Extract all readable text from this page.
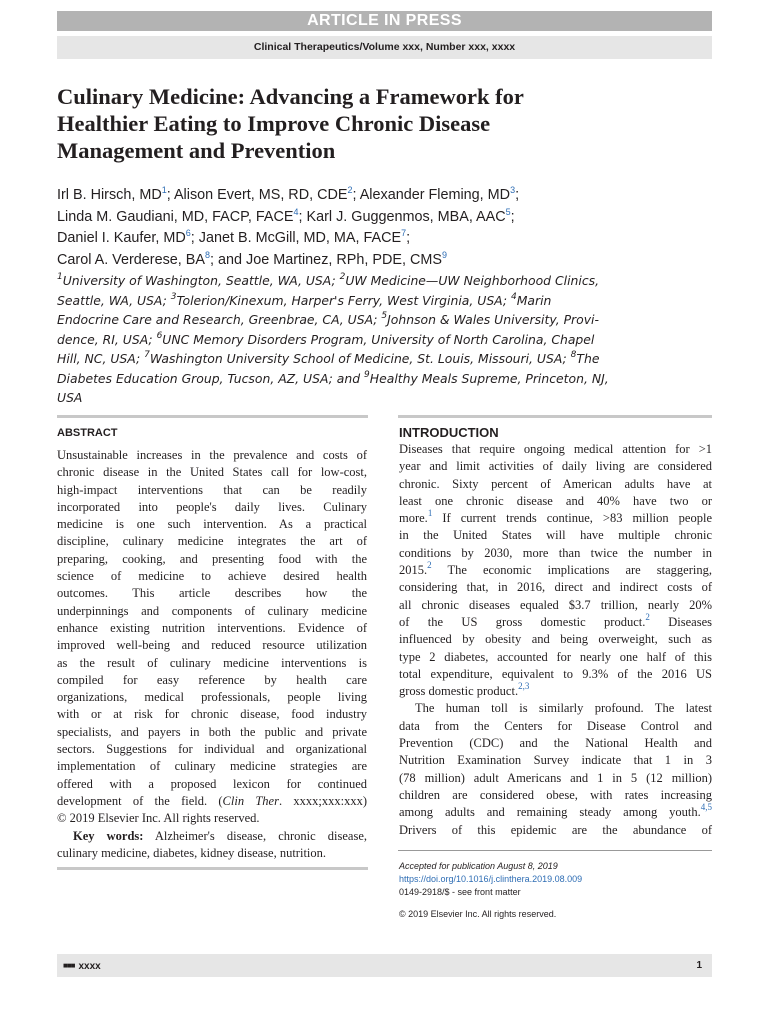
ARTICLE IN PRESS
Clinical Therapeutics/Volume xxx, Number xxx, xxxx
Culinary Medicine: Advancing a Framework for
Healthier Eating to Improve Chronic Disease
Management and Prevention
Irl B. Hirsch, $MD^1$; Alison Evert, MS, RD, CDE$^2$; Alexander Fleming, $MD^3$;
Linda M. Gaudiani, MD, FACP, FACE$^4$; Karl J. Guggenmos, MBA, AAC$^5$;
Daniel I. Kaufer, $MD^6$; Janet B. McGill, MD, MA, FACE$^7$;
Carol A. Verderese, $BA^8$; and Joe Martinez, RPh, PDE, CMS$^9$
$^1$University of Washington, Seattle, WA, USA; $^2$UW Medicine—UW Neighborhood Clinics,
Seattle, WA, USA; $^3$Tolerion/Kinexum, Harper's Ferry, West Virginia, USA; $^4$Marin
Endocrine Care and Research, Greenbrae, CA, USA; $^5$Johnson & Wales University, Provi-
dence, RI, USA; $^6$UNC Memory Disorders Program, University of North Carolina, Chapel
Hill, NC, USA; $^7$Washington University School of Medicine, St. Louis, Missouri, USA; $^8$The
Diabetes Education Group, Tucson, AZ, USA; and $^9$Healthy Meals Supreme, Princeton, NJ,
USA
ABSTRACT
Unsustainable increases in the prevalence and costs of
chronic disease in the United States call for low-cost,
high-impact interventions that can be readily
incorporated into people's daily lives. Culinary
medicine is one such intervention. As a practical
discipline, culinary medicine integrates the art of
preparing, cooking, and presenting food with the
science of medicine to achieve desired health
outcomes. This article describes how the
underpinnings and components of culinary medicine
enhance existing nutrition interventions. Evidence of
improved well-being and reduced resource utilization
as the result of culinary medicine interventions is
compiled for easy reference by health care
organizations, medical professionals, people living
with or at risk for chronic disease, food industry
specialists, and payers in both the public and private
sectors. Suggestions for individual and organizational
implementation of culinary medicine strategies are
offered with a proposed lexicon for continued
development of the field. (Clin Ther. xxxx;xxx:xxx)
© 2019 Elsevier Inc. All rights reserved.
Key words: Alzheimer's disease, chronic disease,
culinary medicine, diabetes, kidney disease, nutrition.
INTRODUCTION
Diseases that require ongoing medical attention for >1
year and limit activities of daily living are considered
chronic. Sixty percent of American adults have at
least one chronic disease and 40% have two or
more.$^1$ If current trends continue, >83 million people
in the United States will have multiple chronic
conditions by 2030, more than twice the number in
2015.$^2$ The economic implications are staggering,
considering that, in 2016, direct and indirect costs of
all chronic diseases equaled $3.7 trillion, nearly 20%
of the US gross domestic product.$^2$ Diseases
influenced by obesity and being overweight, such as
type 2 diabetes, accounted for nearly one half of this
total expenditure, equivalent to 9.3% of the 2016 US
gross domestic product.$^{2,3}$
The human toll is similarly profound. The latest
data from the Centers for Disease Control and
Prevention (CDC) and the National Health and
Nutrition Examination Survey indicate that 1 in 3
(78 million) adult Americans and 1 in 5 (12 million)
children are considered obese, with rates increasing
among adults and remaining steady among youth.$^{4,5}$
Drivers of this epidemic are the abundance of
Accepted for publication August 8, 2019
https://doi.org/10.1016/j.clinthera.2019.08.009
0149-2918/$ - see front matter
© 2019 Elsevier Inc. All rights reserved.
■■■ xxxx	1
